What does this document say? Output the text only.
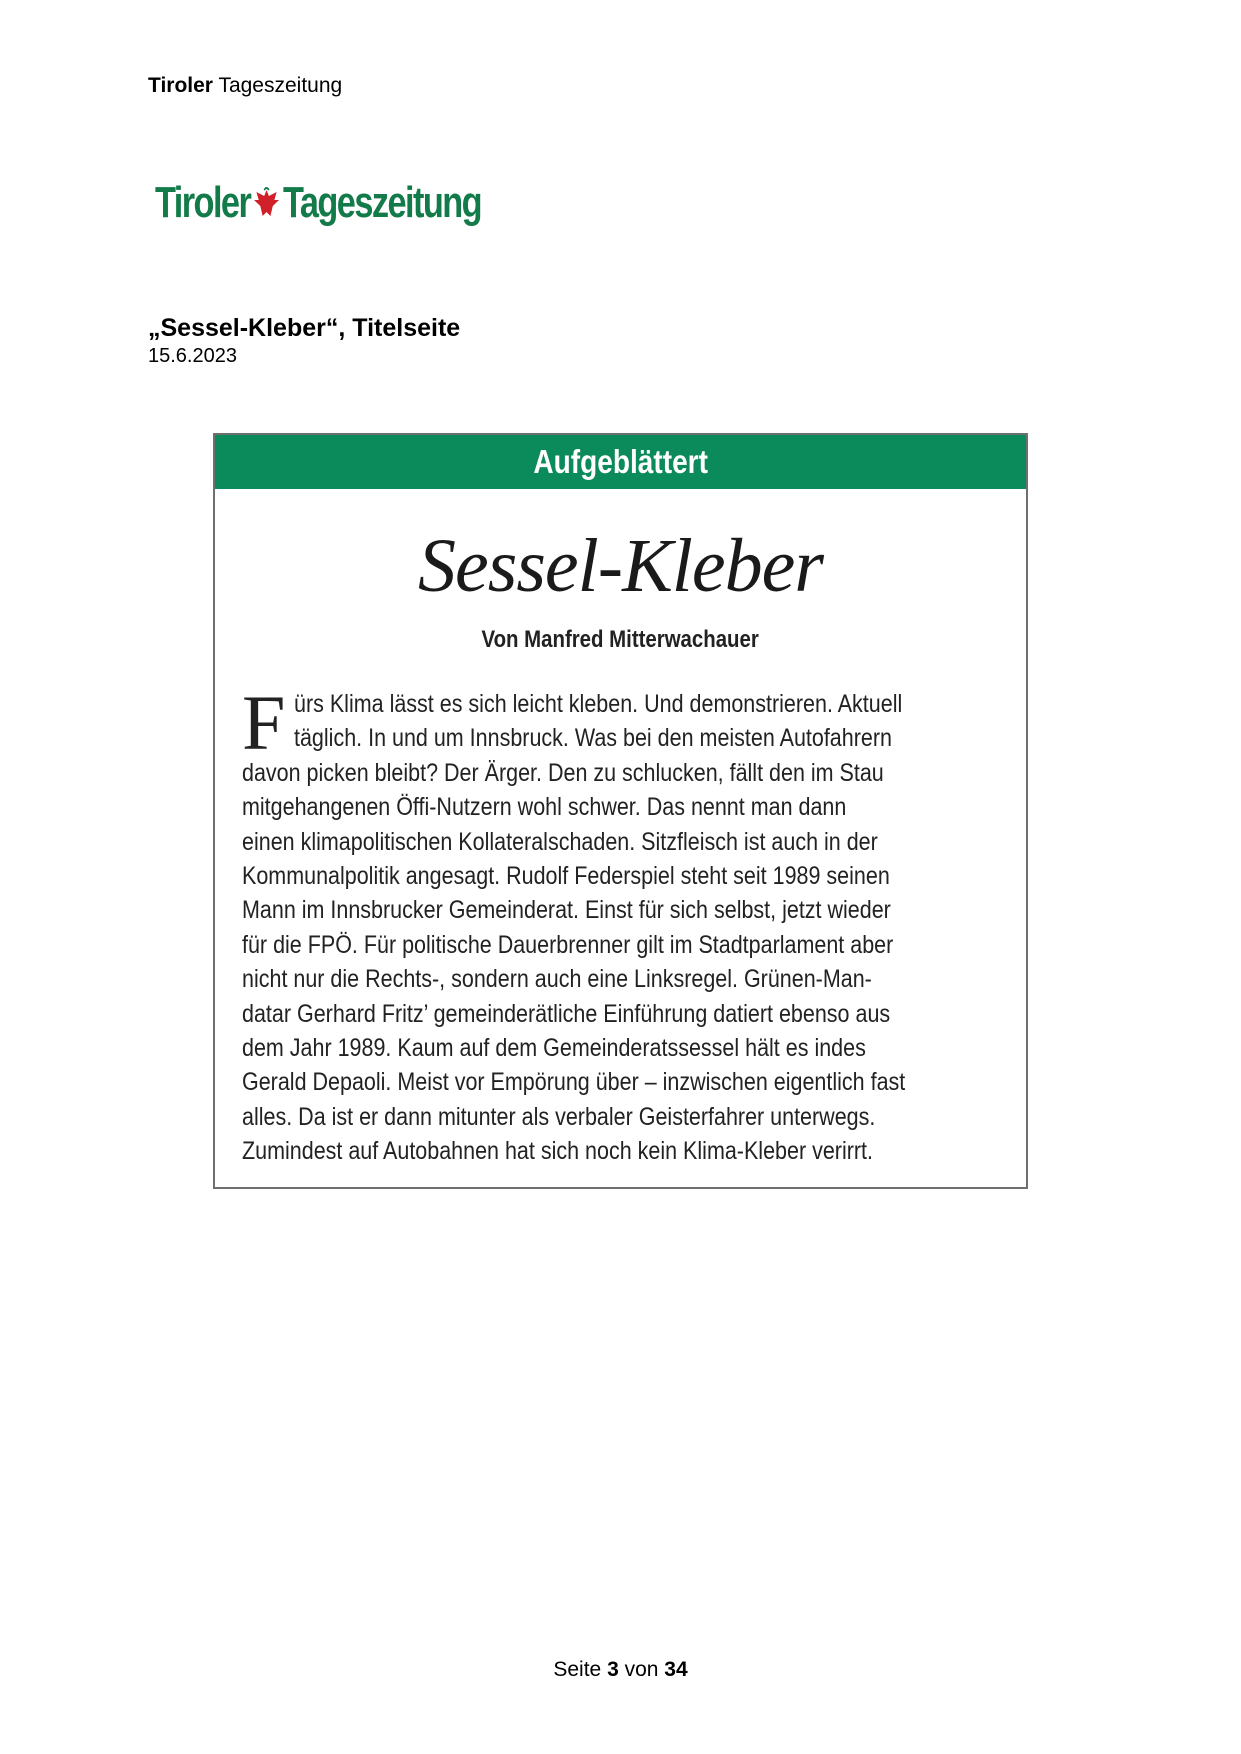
Tiroler Tageszeitung
Tiroler Tageszeitung
„Sessel-Kleber“, Titelseite
15.6.2023
Aufgeblättert
Sessel-Kleber
Von Manfred Mitterwachauer
F ürs Klima lässt es sich leicht kleben. Und demonstrieren. Aktuell
täglich. In und um Innsbruck. Was bei den meisten Autofahrern
davon picken bleibt? Der Ärger. Den zu schlucken, fällt den im Stau
mitgehangenen Öffi-Nutzern wohl schwer. Das nennt man dann
einen klimapolitischen Kollateralschaden. Sitzfleisch ist auch in der
Kommunalpolitik angesagt. Rudolf Federspiel steht seit 1989 seinen
Mann im Innsbrucker Gemeinderat. Einst für sich selbst, jetzt wieder
für die FPÖ. Für politische Dauerbrenner gilt im Stadtparlament aber
nicht nur die Rechts-, sondern auch eine Linksregel. Grünen-Man-
datar Gerhard Fritz’ gemeinderätliche Einführung datiert ebenso aus
dem Jahr 1989. Kaum auf dem Gemeinderatssessel hält es indes
Gerald Depaoli. Meist vor Empörung über – inzwischen eigentlich fast
alles. Da ist er dann mitunter als verbaler Geisterfahrer unterwegs.
Zumindest auf Autobahnen hat sich noch kein Klima-Kleber verirrt.
Seite 3 von 34
